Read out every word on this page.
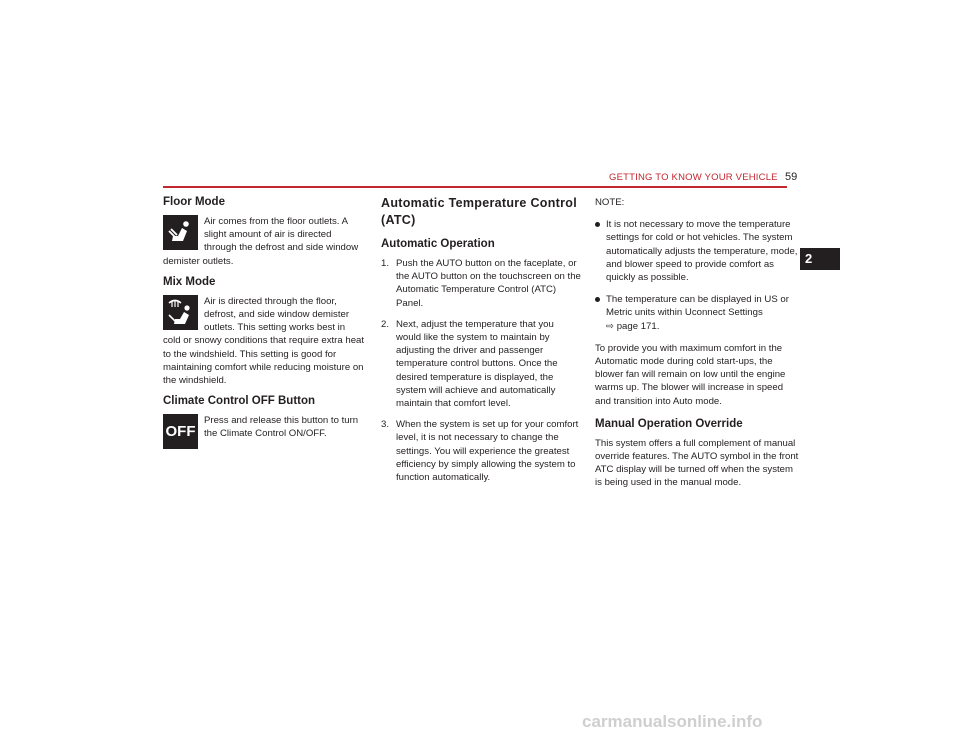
GETTING TO KNOW YOUR VEHICLE 59
2
Floor Mode

Air comes from the floor outlets. A slight amount of air is directed through the defrost and side window demister outlets.

Mix Mode

Air is directed through the floor, defrost, and side window demister outlets. This setting works best in cold or snowy conditions that require extra heat to the windshield. This setting is good for maintaining comfort while reducing moisture on the windshield.

Climate Control OFF Button
OFF

Press and release this button to turn the Climate Control ON/OFF.

Automatic Temperature Control (ATC)
Automatic Operation
1. Push the AUTO button on the faceplate, or the AUTO button on the touchscreen on the Automatic Temperature Control (ATC) Panel.
2. Next, adjust the temperature that you would like the system to maintain by adjusting the driver and passenger temperature control buttons. Once the desired temperature is displayed, the system will achieve and automatically maintain that comfort level.
3. When the system is set up for your comfort level, it is not necessary to change the settings. You will experience the greatest efficiency by simply allowing the system to function automatically.

NOTE:

It is not necessary to move the temperature settings for cold or hot vehicles. The system automatically adjusts the temperature, mode, and blower speed to provide comfort as quickly as possible.
The temperature can be displayed in US or Metric units within Uconnect Settings
⇨ page 171.

To provide you with maximum comfort in the Automatic mode during cold start-ups, the blower fan will remain on low until the engine warms up. The blower will increase in speed and transition into Auto mode.

Manual Operation Override

This system offers a full complement of manual override features. The AUTO symbol in the front ATC display will be turned off when the system is being used in the manual mode.

carmanualsonline.info
